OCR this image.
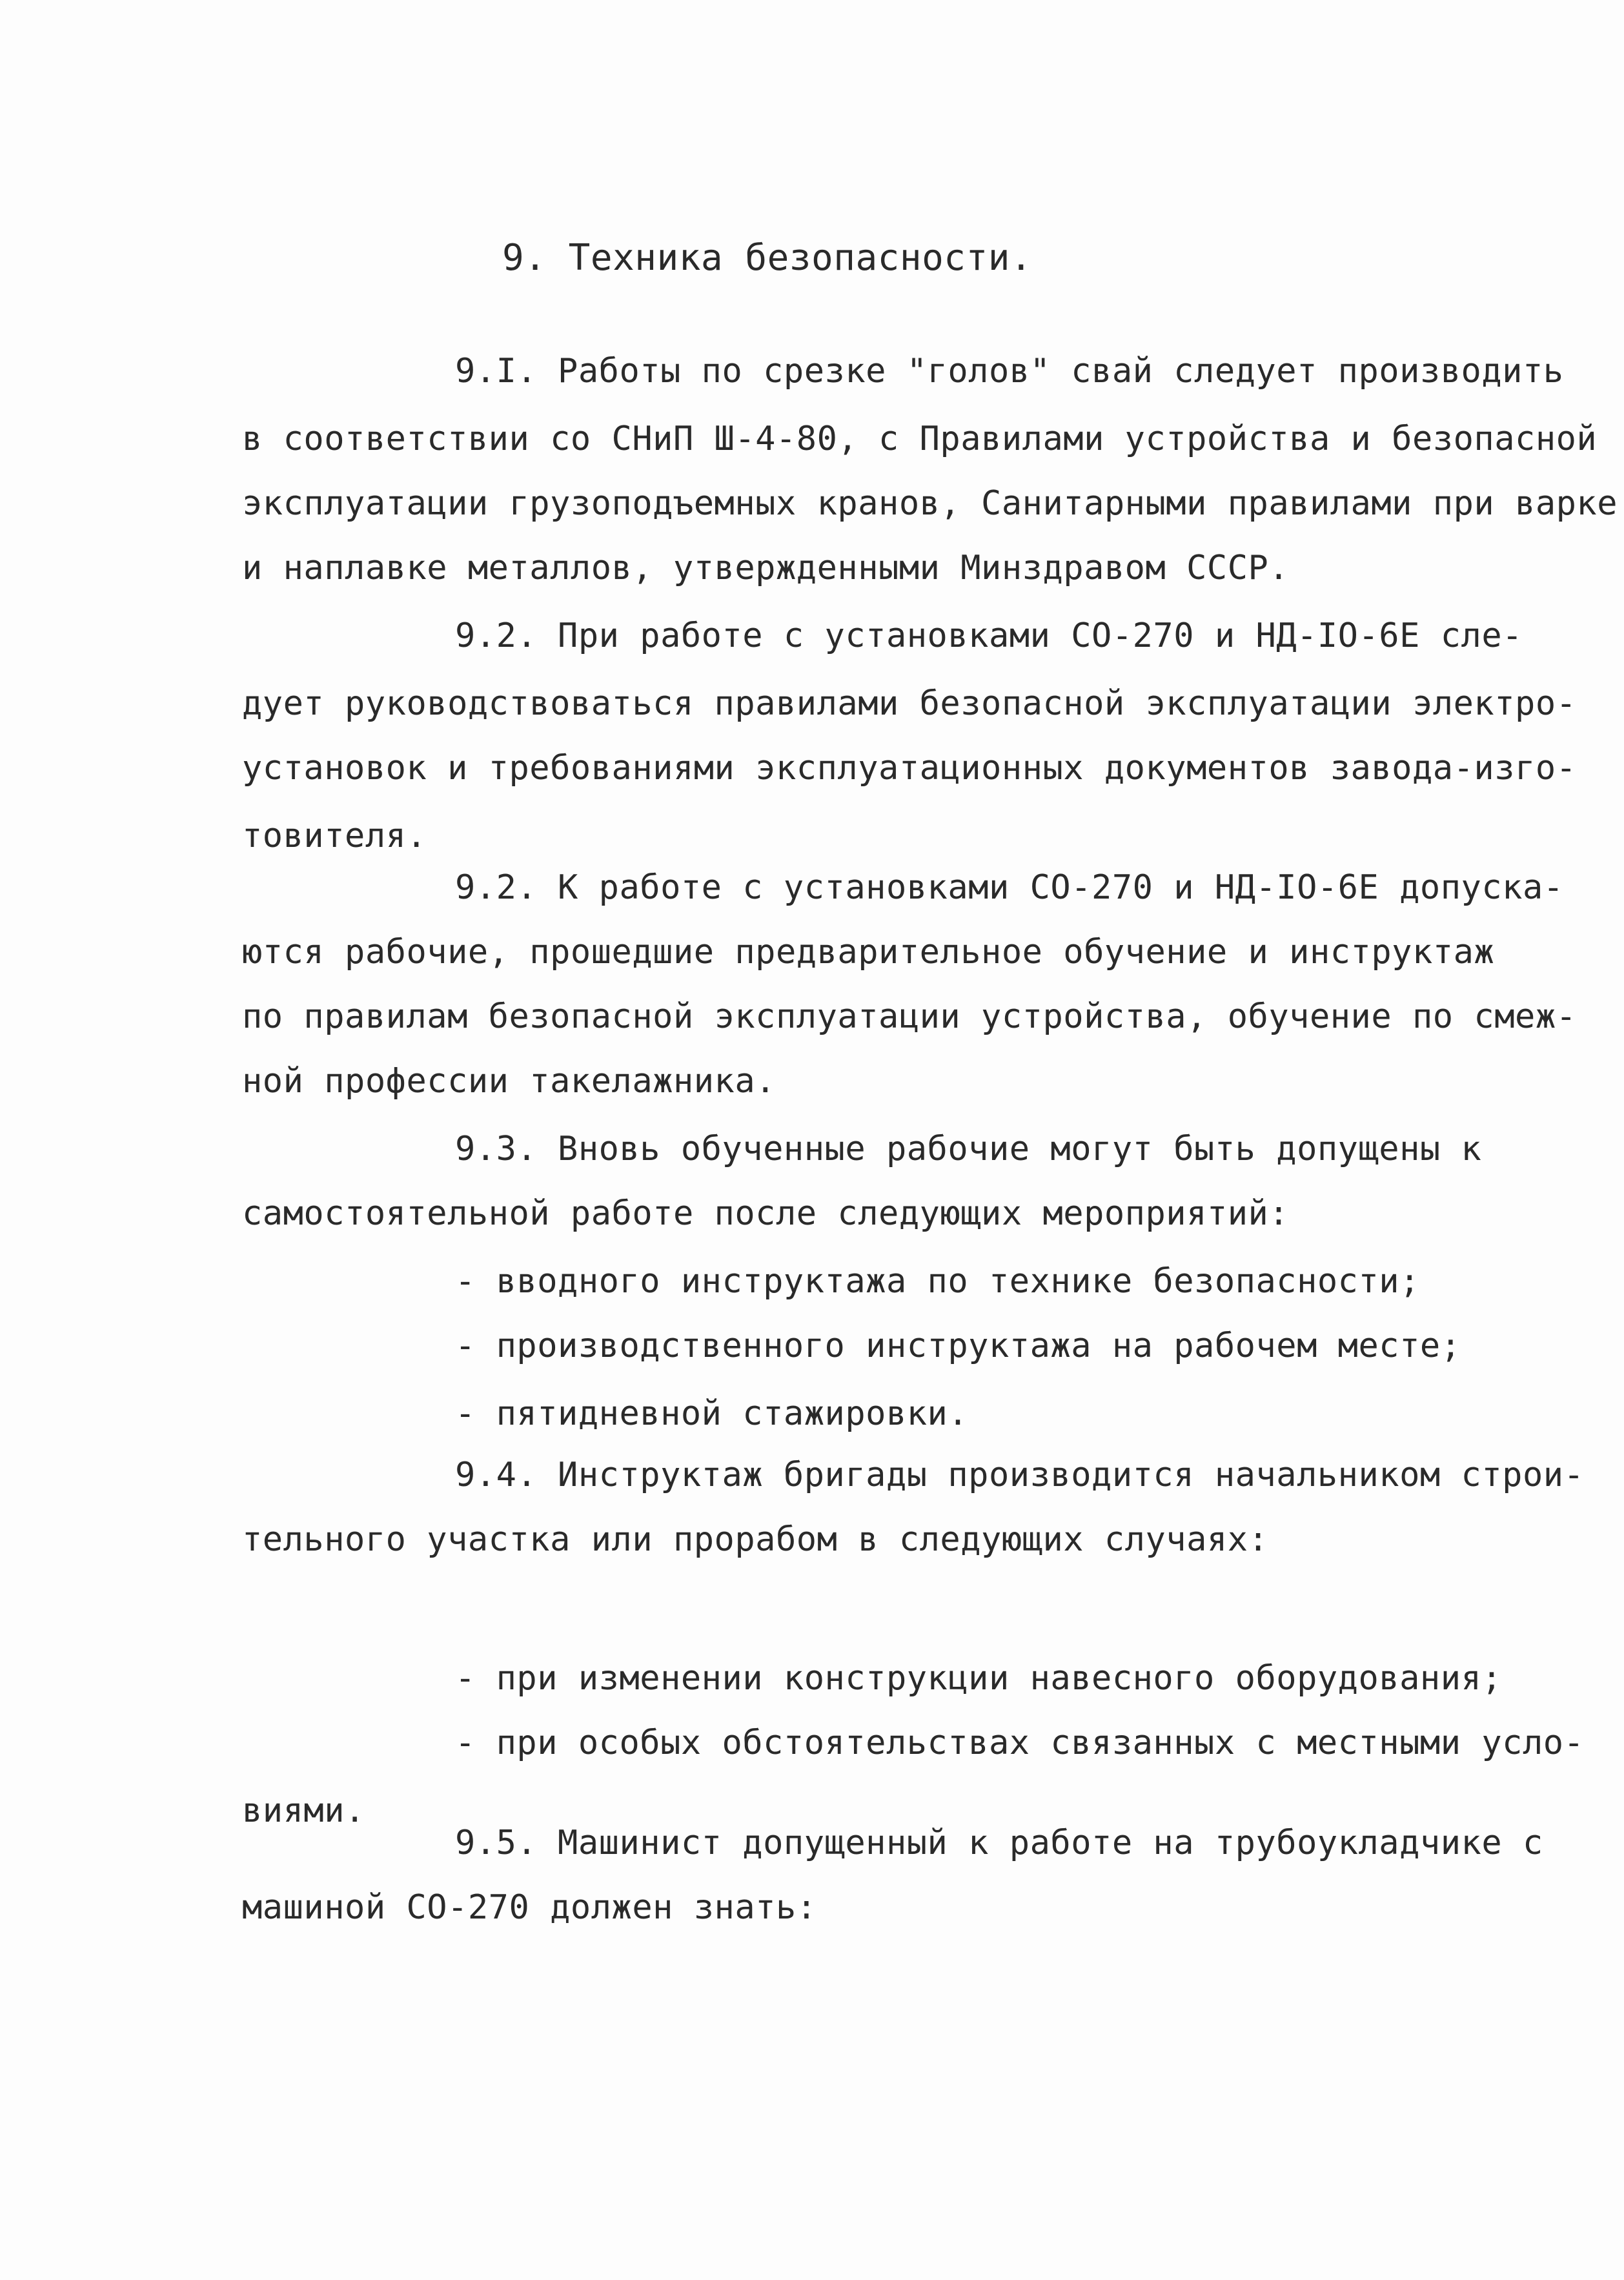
9. Техника безопасности.

9.I. Работы по срезке "голов" свай следует производить

в соответствии со СНиП Ш-4-80, с Правилами устройства и безопасной

эксплуатации грузоподъемных кранов, Санитарными правилами при варке

и наплавке металлов, утвержденными Минздравом СССР.

9.2. При работе с установками СО-270 и НД-IO-6Е сле-

дует руководствоваться правилами безопасной эксплуатации электро-

установок и требованиями эксплуатационных документов завода-изго-

товителя.

9.2. К работе с установками СО-270 и НД-IO-6Е допуска-

ются рабочие, прошедшие предварительное обучение и инструктаж

по правилам безопасной эксплуатации устройства, обучение по смеж-

ной профессии такелажника.

9.3. Вновь обученные рабочие могут быть допущены к

самостоятельной работе после следующих мероприятий:

- вводного инструктажа по технике безопасности;

- производственного инструктажа на рабочем месте;

- пятидневной стажировки.

9.4. Инструктаж бригады производится начальником строи-

тельного участка или прорабом в следующих случаях:

- при изменении конструкции навесного оборудования;

- при особых обстоятельствах связанных с местными усло-

виями.

9.5. Машинист допущенный к работе на трубоукладчике с

машиной СО-270 должен знать:
